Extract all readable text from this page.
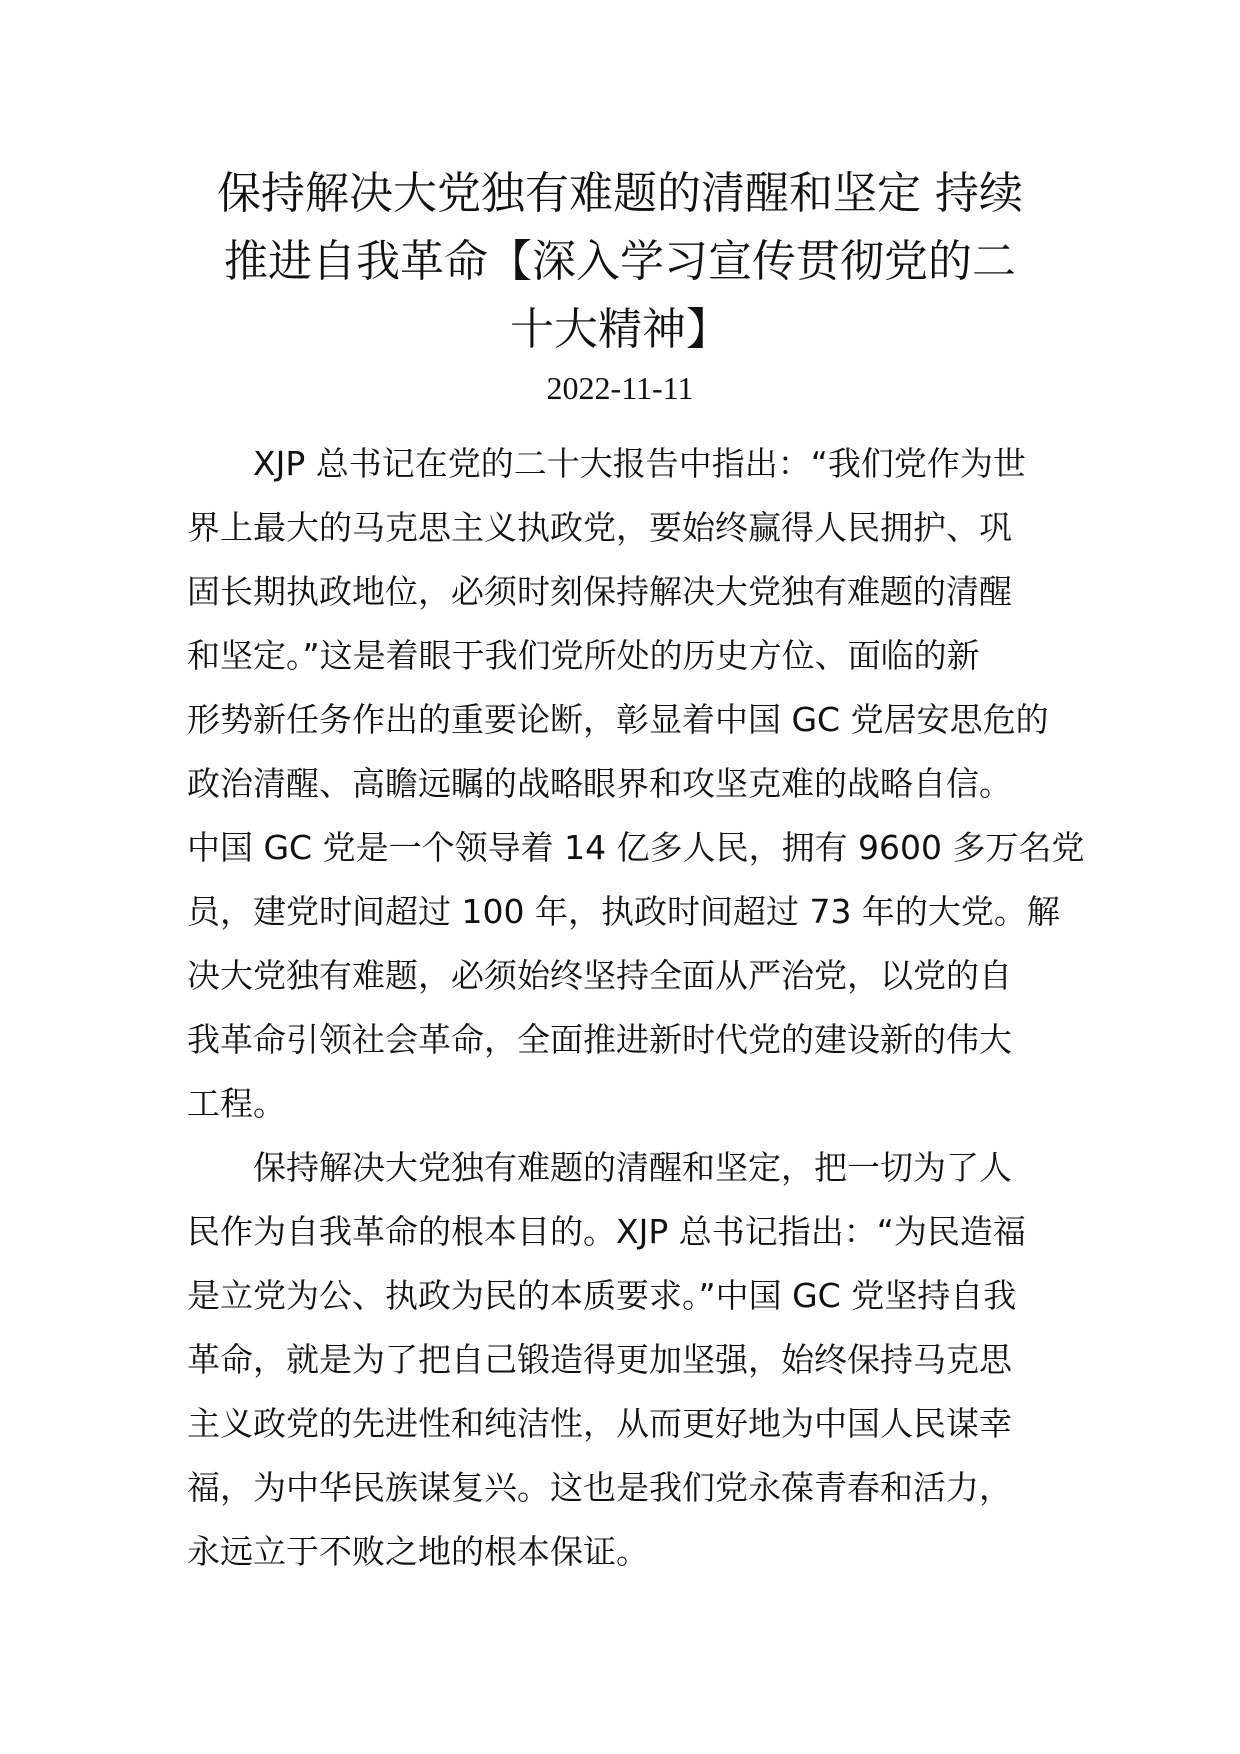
保持解决大党独有难题的清醒和坚定 持续
推进自我革命【深入学习宣传贯彻党的二
十大精神】
2022-11-11

XJP 总书记在党的二十大报告中指出：“我们党作为世
界上最大的马克思主义执政党，要始终赢得人民拥护、巩
固长期执政地位，必须时刻保持解决大党独有难题的清醒
和坚定。”这是着眼于我们党所处的历史方位、面临的新
形势新任务作出的重要论断，彰显着中国 GC 党居安思危的
政治清醒、高瞻远瞩的战略眼界和攻坚克难的战略自信。
中国 GC 党是一个领导着 14 亿多人民，拥有 9600 多万名党
员，建党时间超过 100 年，执政时间超过 73 年的大党。解
决大党独有难题，必须始终坚持全面从严治党，以党的自
我革命引领社会革命，全面推进新时代党的建设新的伟大
工程。

保持解决大党独有难题的清醒和坚定，把一切为了人
民作为自我革命的根本目的。XJP 总书记指出：“为民造福
是立党为公、执政为民的本质要求。”中国 GC 党坚持自我
革命，就是为了把自己锻造得更加坚强，始终保持马克思
主义政党的先进性和纯洁性，从而更好地为中国人民谋幸
福，为中华民族谋复兴。这也是我们党永葆青春和活力，
永远立于不败之地的根本保证。
